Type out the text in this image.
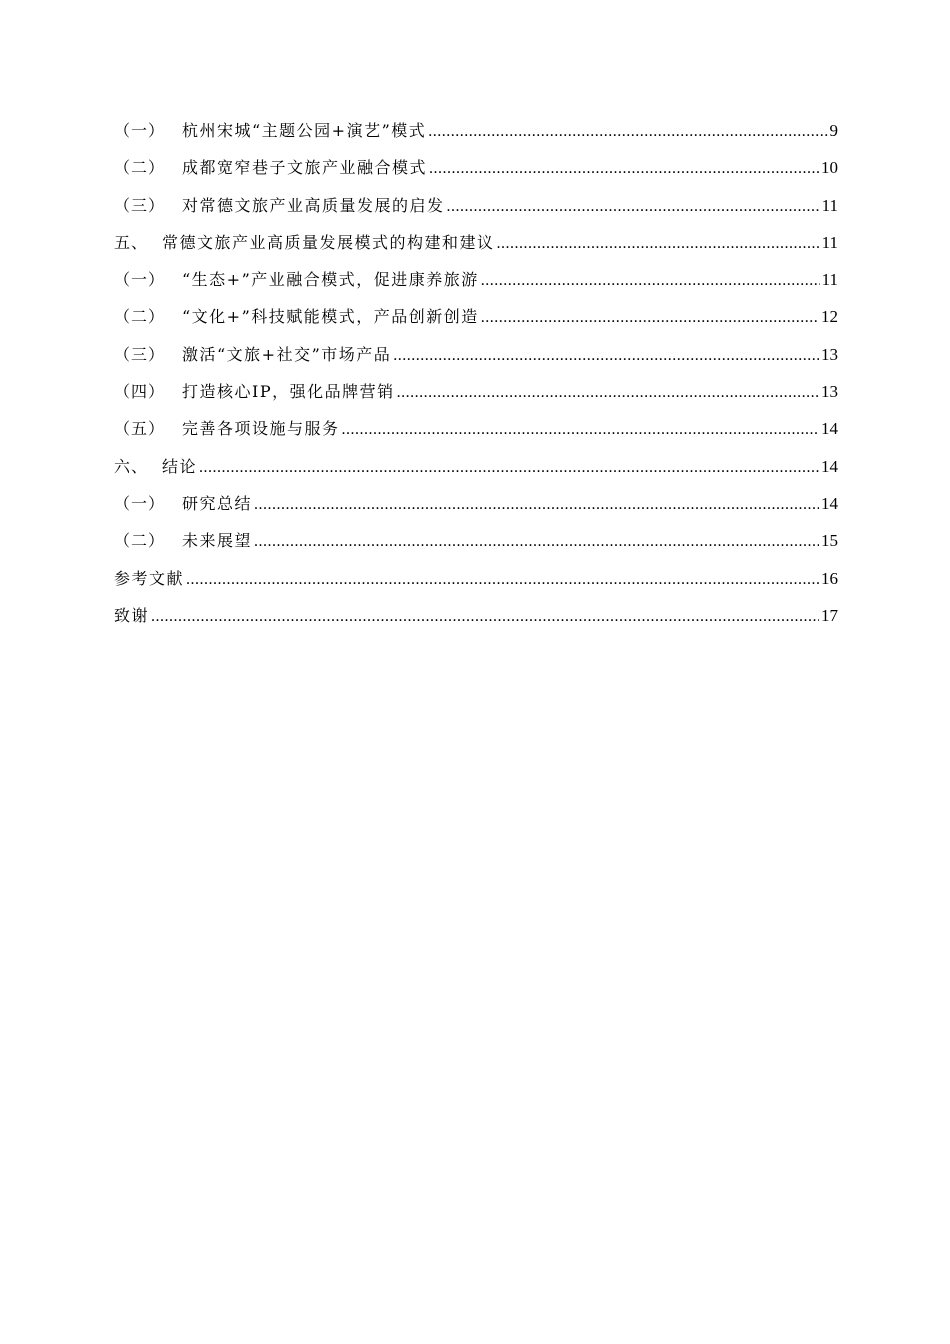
（一）	杭州宋城“主题公园+演艺”模式 .....	9
（二）	成都宽窄巷子文旅产业融合模式 .....	10
（三）	对常德文旅产业高质量发展的启发 .....	11
五、 常德文旅产业高质量发展模式的构建和建议 .....	11
（一）	“生态+”产业融合模式，促进康养旅游 .....	11
（二）	“文化+”科技赋能模式，产品创新创造 .....	12
（三）	激活“文旅+社交”市场产品 .....	13
（四）	打造核心IP，强化品牌营销 .....	13
（五）	完善各项设施与服务 .....	14
六、 结论 .....	14
（一）	研究总结 .....	14
（二）	未来展望 .....	15
参考文献 .....	16
致谢 .....	17
